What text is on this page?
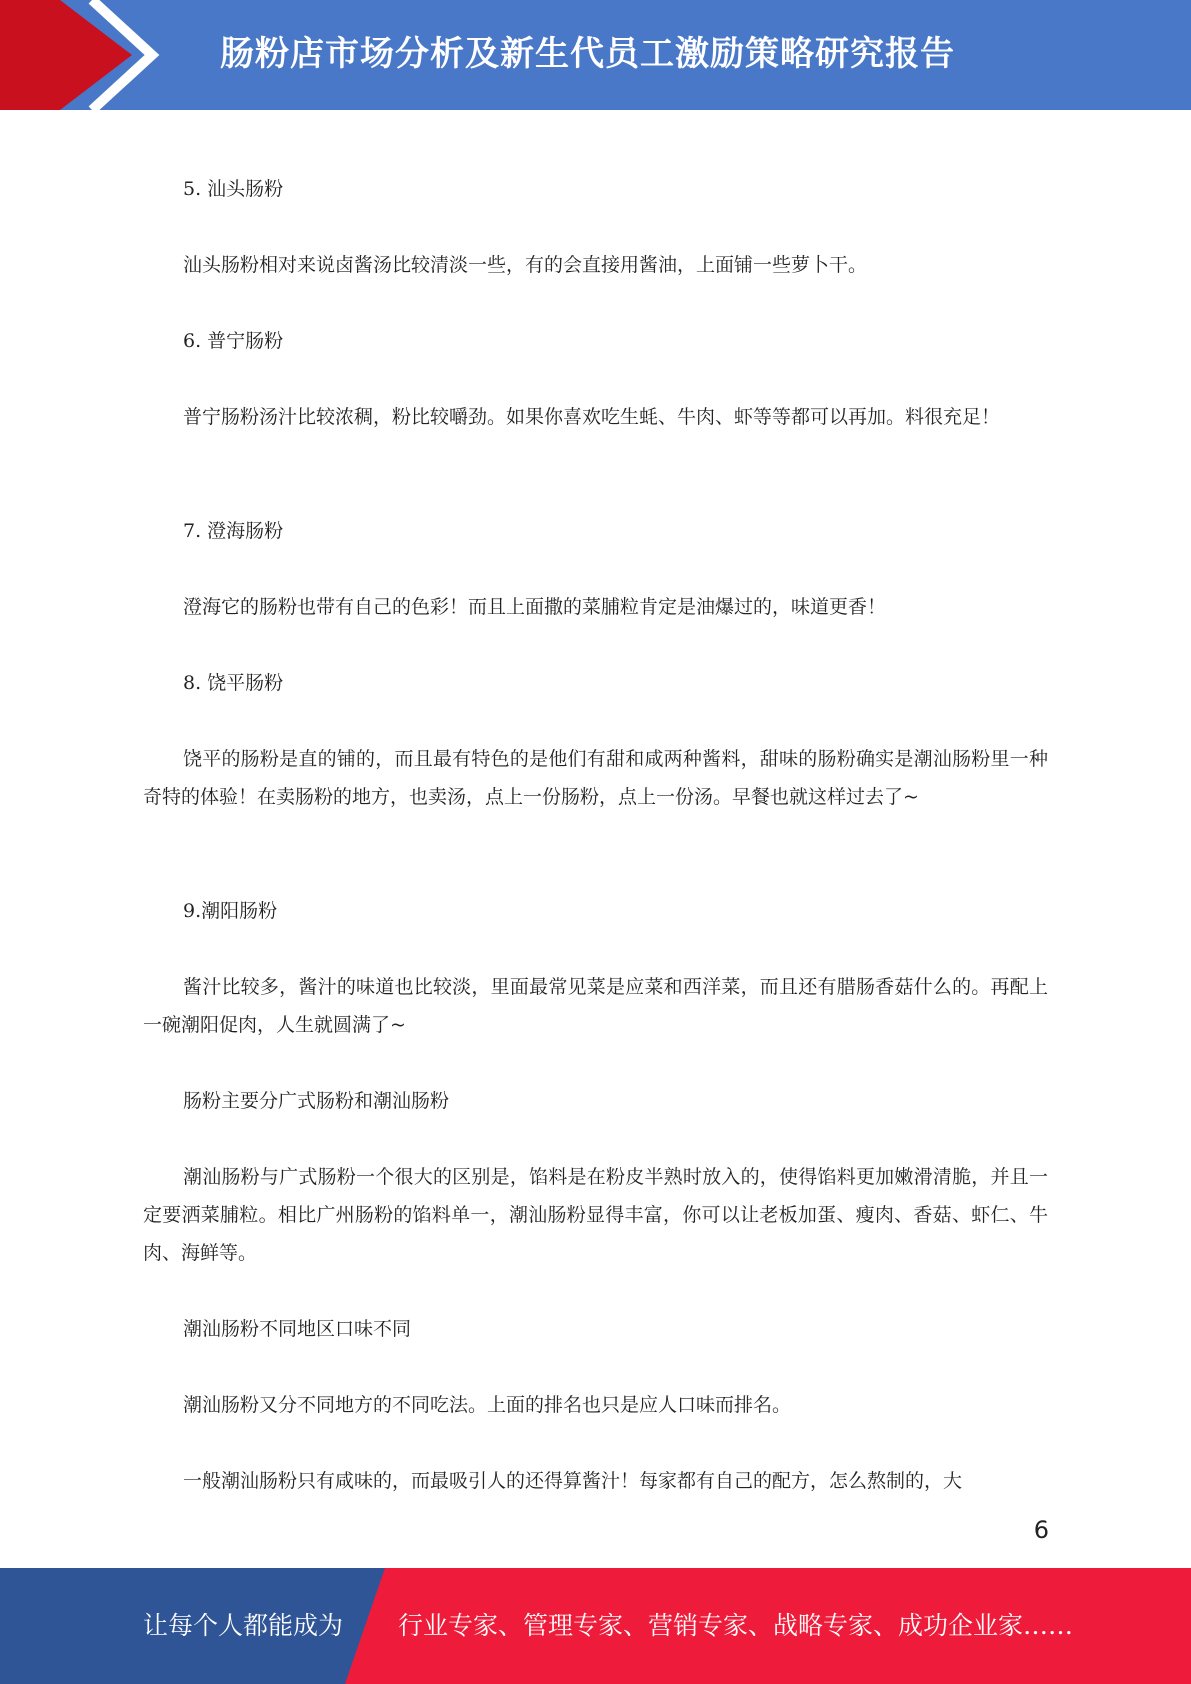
肠粉店市场分析及新生代员工激励策略研究报告
5. 汕头肠粉
汕头肠粉相对来说卤酱汤比较清淡一些，有的会直接用酱油，上面铺一些萝卜干。
6. 普宁肠粉
普宁肠粉汤汁比较浓稠，粉比较嚼劲。如果你喜欢吃生蚝、牛肉、虾等等都可以再加。料很充足！
7. 澄海肠粉
澄海它的肠粉也带有自己的色彩！而且上面撒的菜脯粒肯定是油爆过的，味道更香！
8. 饶平肠粉
饶平的肠粉是直的铺的，而且最有特色的是他们有甜和咸两种酱料，甜味的肠粉确实是潮汕肠粉里一种奇特的体验！在卖肠粉的地方，也卖汤，点上一份肠粉，点上一份汤。早餐也就这样过去了~
9.潮阳肠粉
酱汁比较多，酱汁的味道也比较淡，里面最常见菜是应菜和西洋菜，而且还有腊肠香菇什么的。再配上一碗潮阳促肉，人生就圆满了~
肠粉主要分广式肠粉和潮汕肠粉
潮汕肠粉与广式肠粉一个很大的区别是，馅料是在粉皮半熟时放入的，使得馅料更加嫩滑清脆，并且一定要洒菜脯粒。相比广州肠粉的馅料单一，潮汕肠粉显得丰富，你可以让老板加蛋、瘦肉、香菇、虾仁、牛肉、海鲜等。
潮汕肠粉不同地区口味不同
潮汕肠粉又分不同地方的不同吃法。上面的排名也只是应人口味而排名。
一般潮汕肠粉只有咸味的，而最吸引人的还得算酱汁！每家都有自己的配方，怎么熬制的，大
6
让每个人都能成为 行业专家、管理专家、营销专家、战略专家、成功企业家……
